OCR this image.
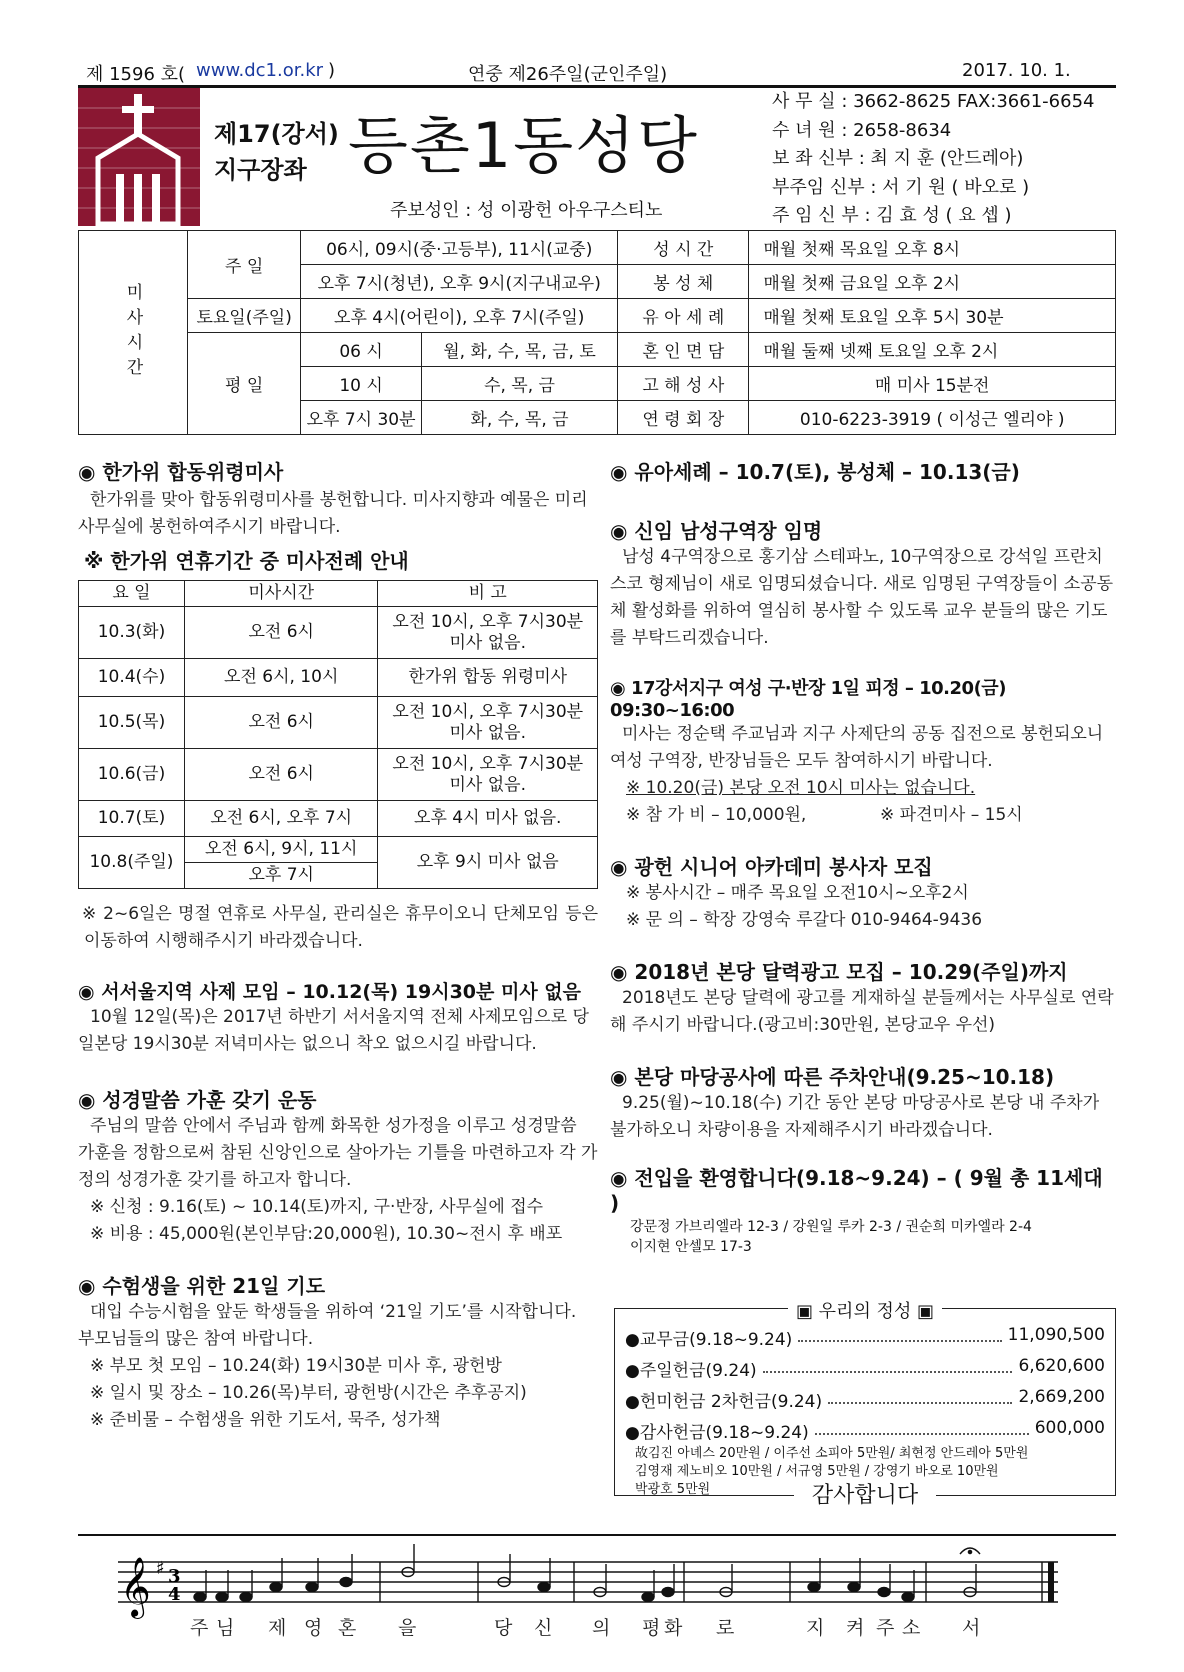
제 1596 호( www.dc1.or.kr )	연중 제26주일(군인주일)	2017. 10. 1.
제17(강서)
지구장좌 등촌1동성당
주보성인 : 성 이광헌 아우구스티노
사 무 실 : 3662-8625 FAX:3661-6654
수 녀 원 : 2658-8634
보 좌 신부 : 최 지 훈 (안드레아)
부주임 신부 : 서 기 원 ( 바오로 )
주 임 신 부 : 김 효 성 ( 요 셉 )
미사시간	주 일	06시, 09시(중·고등부), 11시(교중)		성 시 간	매월 첫째 목요일 오후 8시
		오후 7시(청년), 오후 9시(지구내교우)		봉 성 체	매월 첫째 금요일 오후 2시
	토요일(주일)	오후 4시(어린이), 오후 7시(주일)		유 아 세 례	매월 첫째 토요일 오후 5시 30분
	평 일	06 시	월, 화, 수, 목, 금, 토	혼 인 면 담	매월 둘째 넷째 토요일 오후 2시
		10 시	수, 목, 금	고 해 성 사	매 미사 15분전
		오후 7시 30분	화, 수, 목, 금	연 령 회 장	010-6223-3919 ( 이성근 엘리야 )
◉ 한가위 합동위령미사
한가위를 맞아 합동위령미사를 봉헌합니다. 미사지향과 예물은 미리 사무실에 봉헌하여주시기 바랍니다.
※ 한가위 연휴기간 중 미사전례 안내
요 일	미사시간	비 고
10.3(화)	오전 6시	오전 10시, 오후 7시30분 미사 없음.
10.4(수)	오전 6시, 10시	한가위 합동 위령미사
10.5(목)	오전 6시	오전 10시, 오후 7시30분 미사 없음.
10.6(금)	오전 6시	오전 10시, 오후 7시30분 미사 없음.
10.7(토)	오전 6시, 오후 7시	오후 4시 미사 없음.
10.8(주일)	오전 6시, 9시, 11시	오후 9시 미사 없음
	오후 7시	
※ 2~6일은 명절 연휴로 사무실, 관리실은 휴무이오니 단체모임 등은 이동하여 시행해주시기 바라겠습니다.
◉ 서서울지역 사제 모임 – 10.12(목) 19시30분 미사 없음
10월 12일(목)은 2017년 하반기 서서울지역 전체 사제모임으로 당일본당 19시30분 저녁미사는 없으니 착오 없으시길 바랍니다.
◉ 성경말씀 가훈 갖기 운동
주님의 말씀 안에서 주님과 함께 화목한 성가정을 이루고 성경말씀 가훈을 정함으로써 참된 신앙인으로 살아가는 기틀을 마련하고자 각 가정의 성경가훈 갖기를 하고자 합니다.
※ 신청 : 9.16(토) ~ 10.14(토)까지, 구·반장, 사무실에 접수
※ 비용 : 45,000원(본인부담:20,000원), 10.30~전시 후 배포
◉ 수험생을 위한 21일 기도
대입 수능시험을 앞둔 학생들을 위하여 ‘21일 기도’를 시작합니다. 부모님들의 많은 참여 바랍니다.
※ 부모 첫 모임 – 10.24(화) 19시30분 미사 후, 광헌방
※ 일시 및 장소 – 10.26(목)부터, 광헌방(시간은 추후공지)
※ 준비물 – 수험생을 위한 기도서, 묵주, 성가책
◉ 유아세례 – 10.7(토), 봉성체 – 10.13(금)
◉ 신임 남성구역장 임명
남성 4구역장으로 홍기삼 스테파노, 10구역장으로 강석일 프란치스코 형제님이 새로 임명되셨습니다. 새로 임명된 구역장들이 소공동체 활성화를 위하여 열심히 봉사할 수 있도록 교우 분들의 많은 기도를 부탁드리겠습니다.
◉ 17강서지구 여성 구·반장 1일 피정 – 10.20(금) 09:30~16:00
미사는 정순택 주교님과 지구 사제단의 공동 집전으로 봉헌되오니 여성 구역장, 반장님들은 모두 참여하시기 바랍니다.
※ 10.20(금) 본당 오전 10시 미사는 없습니다.
※ 참 가 비 – 10,000원,	※ 파견미사 – 15시
◉ 광헌 시니어 아카데미 봉사자 모집
※ 봉사시간 – 매주 목요일 오전10시~오후2시
※ 문 의 – 학장 강영숙 루갈다 010-9464-9436
◉ 2018년 본당 달력광고 모집 – 10.29(주일)까지
2018년도 본당 달력에 광고를 게재하실 분들께서는 사무실로 연락해 주시기 바랍니다.(광고비:30만원, 본당교우 우선)
◉ 본당 마당공사에 따른 주차안내(9.25~10.18)
9.25(월)~10.18(수) 기간 동안 본당 마당공사로 본당 내 주차가 불가하오니 차량이용을 자제해주시기 바라겠습니다.
◉ 전입을 환영합니다(9.18~9.24) – ( 9월 총 11세대 )
강문정 가브리엘라 12-3 / 강원일 루카 2-3 / 권순희 미카엘라 2-4
이지현 안셀모 17-3
▣ 우리의 정성 ▣
●교무금(9.18~9.24)	11,090,500
●주일헌금(9.24)	6,620,600
●헌미헌금 2차헌금(9.24)	2,669,200
●감사헌금(9.18~9.24)	600,000
故김진 아녜스 20만원 / 이주선 소피아 5만원/ 최현정 안드레아 5만원
김영재 제노비오 10만원 / 서규영 5만원 / 강영기 바오로 10만원
박광호 5만원	감사합니다
𝄞 ♯ 3
4
주 님 제 영 혼 을	당 신 의 평 화 로	지 켜 주 소 서
